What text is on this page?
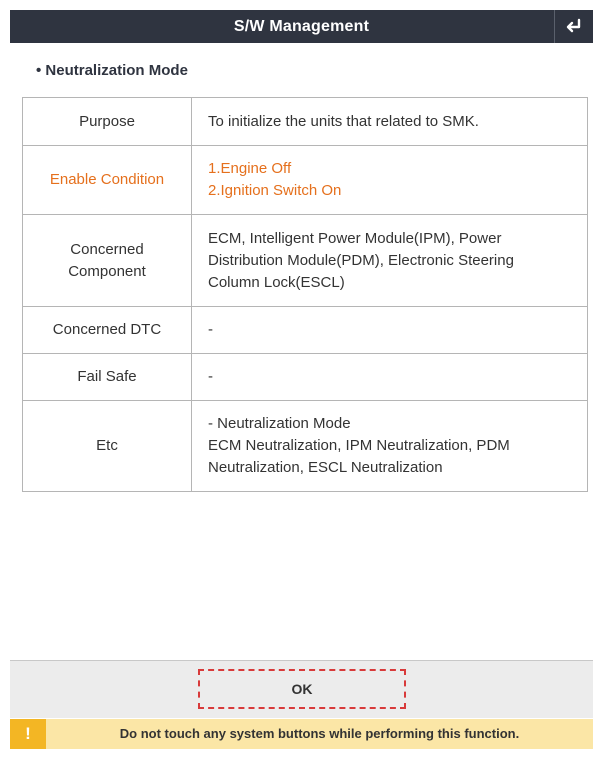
S/W Management
• Neutralization Mode
Purpose	To initialize the units that related to SMK.
Enable Condition	1.Engine Off
2.Ignition Switch On

Concerned
Component	ECM, Intelligent Power Module(IPM), Power
Distribution Module(PDM), Electronic Steering
Column Lock(ESCL)

Concerned DTC	-
Fail Safe	-
Etc	- Neutralization Mode
ECM Neutralization, IPM Neutralization, PDM
Neutralization, ESCL Neutralization
OK
!	Do not touch any system buttons while performing this function.
